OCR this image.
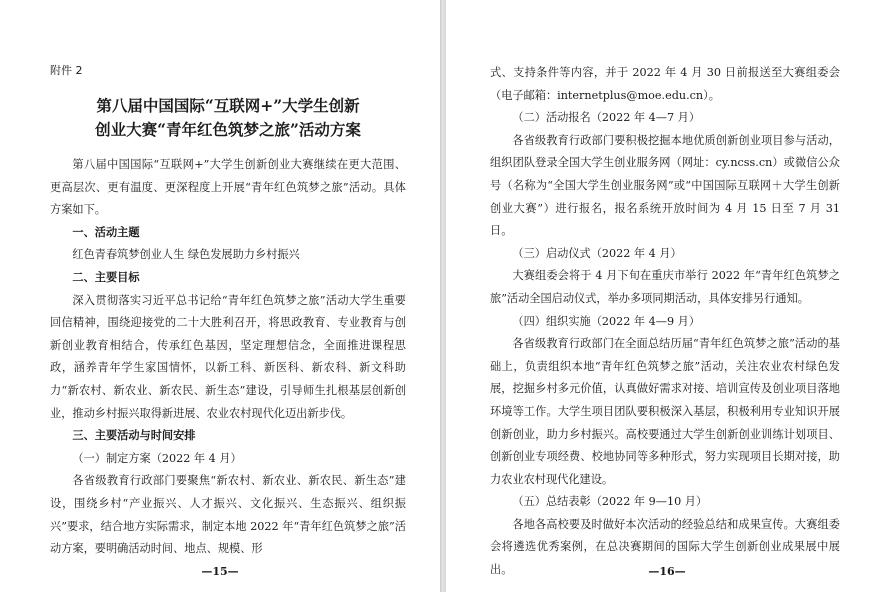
附件 2
第八届中国国际“互联网+”大学生创新
创业大赛“青年红色筑梦之旅”活动方案

第八届中国国际“互联网+”大学生创新创业大赛继续在更大范围、更高层次、更有温度、更深程度上开展“青年红色筑梦之旅”活动。具体方案如下。

一、活动主题

红色青春筑梦创业人生 绿色发展助力乡村振兴

二、主要目标

深入贯彻落实习近平总书记给“青年红色筑梦之旅”活动大学生重要回信精神，围绕迎接党的二十大胜利召开，将思政教育、专业教育与创新创业教育相结合，传承红色基因，坚定理想信念，全面推进课程思政，涵养青年学生家国情怀，以新工科、新医科、新农科、新文科助力“新农村、新农业、新农民、新生态”建设，引导师生扎根基层创新创业，推动乡村振兴取得新进展、农业农村现代化迈出新步伐。

三、主要活动与时间安排

（一）制定方案（2022 年 4 月）

各省级教育行政部门要聚焦“新农村、新农业、新农民、新生态”建设，围绕乡村“产业振兴、人才振兴、文化振兴、生态振兴、组织振兴”要求，结合地方实际需求，制定本地 2022 年“青年红色筑梦之旅”活动方案，要明确活动时间、地点、规模、形

—15—

式、支持条件等内容，并于 2022 年 4 月 30 日前报送至大赛组委会（电子邮箱：internetplus@moe.edu.cn）。

（二）活动报名（2022 年 4—7 月）

各省级教育行政部门要积极挖掘本地优质创新创业项目参与活动，组织团队登录全国大学生创业服务网（网址：cy.ncss.cn）或微信公众号（名称为“全国大学生创业服务网”或“中国国际互联网＋大学生创新创业大赛”）进行报名，报名系统开放时间为 4 月 15 日至 7 月 31 日。

（三）启动仪式（2022 年 4 月）

大赛组委会将于 4 月下旬在重庆市举行 2022 年“青年红色筑梦之旅”活动全国启动仪式，举办多项同期活动，具体安排另行通知。

（四）组织实施（2022 年 4—9 月）

各省级教育行政部门在全面总结历届“青年红色筑梦之旅”活动的基础上，负责组织本地“青年红色筑梦之旅”活动，关注农业农村绿色发展，挖掘乡村多元价值，认真做好需求对接、培训宣传及创业项目落地环境等工作。大学生项目团队要积极深入基层，积极利用专业知识开展创新创业，助力乡村振兴。高校要通过大学生创新创业训练计划项目、创新创业专项经费、校地协同等多种形式，努力实现项目长期对接，助力农业农村现代化建设。

（五）总结表彰（2022 年 9—10 月）

各地各高校要及时做好本次活动的经验总结和成果宣传。大赛组委会将遴选优秀案例，在总决赛期间的国际大学生创新创业成果展中展出。	—16—
